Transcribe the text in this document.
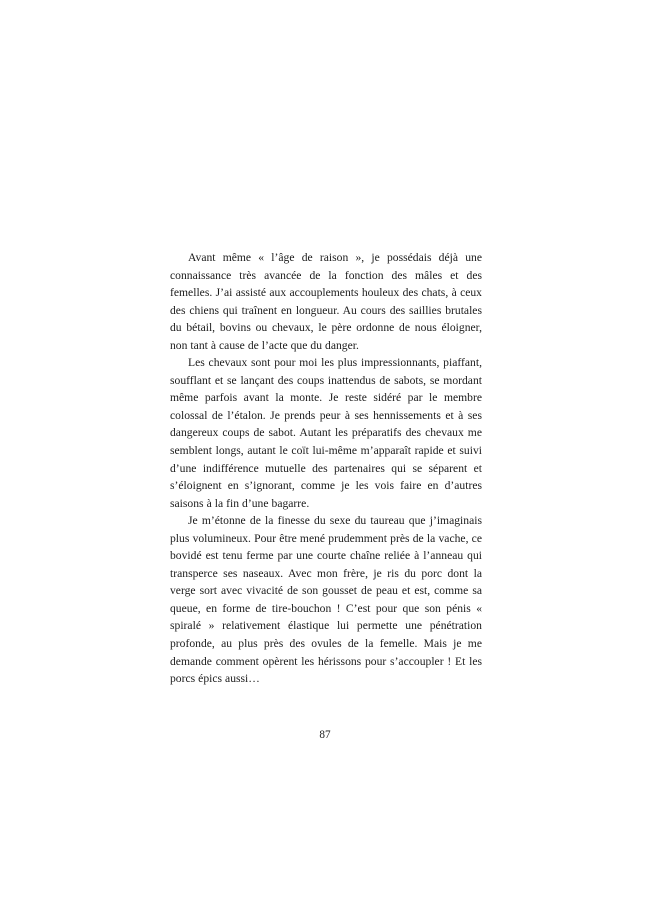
Avant même « l’âge de raison », je possédais déjà une connaissance très avancée de la fonction des mâles et des femelles. J’ai assisté aux accouplements houleux des chats, à ceux des chiens qui traînent en longueur. Au cours des saillies brutales du bétail, bovins ou chevaux, le père ordonne de nous éloigner, non tant à cause de l’acte que du danger.

Les chevaux sont pour moi les plus impressionnants, piaffant, soufflant et se lançant des coups inattendus de sabots, se mordant même parfois avant la monte. Je reste sidéré par le membre colossal de l’étalon. Je prends peur à ses hennissements et à ses dangereux coups de sabot. Autant les préparatifs des chevaux me semblent longs, autant le coït lui-même m’apparaît rapide et suivi d’une indifférence mutuelle des partenaires qui se séparent et s’éloignent en s’ignorant, comme je les vois faire en d’autres saisons à la fin d’une bagarre.

Je m’étonne de la finesse du sexe du taureau que j’imaginais plus volumineux. Pour être mené prudemment près de la vache, ce bovidé est tenu ferme par une courte chaîne reliée à l’anneau qui transperce ses naseaux. Avec mon frère, je ris du porc dont la verge sort avec vivacité de son gousset de peau et est, comme sa queue, en forme de tire-bouchon ! C’est pour que son pénis « spiralé » relativement élastique lui permette une pénétration profonde, au plus près des ovules de la femelle. Mais je me demande comment opèrent les hérissons pour s’accoupler ! Et les porcs épics aussi…

87
